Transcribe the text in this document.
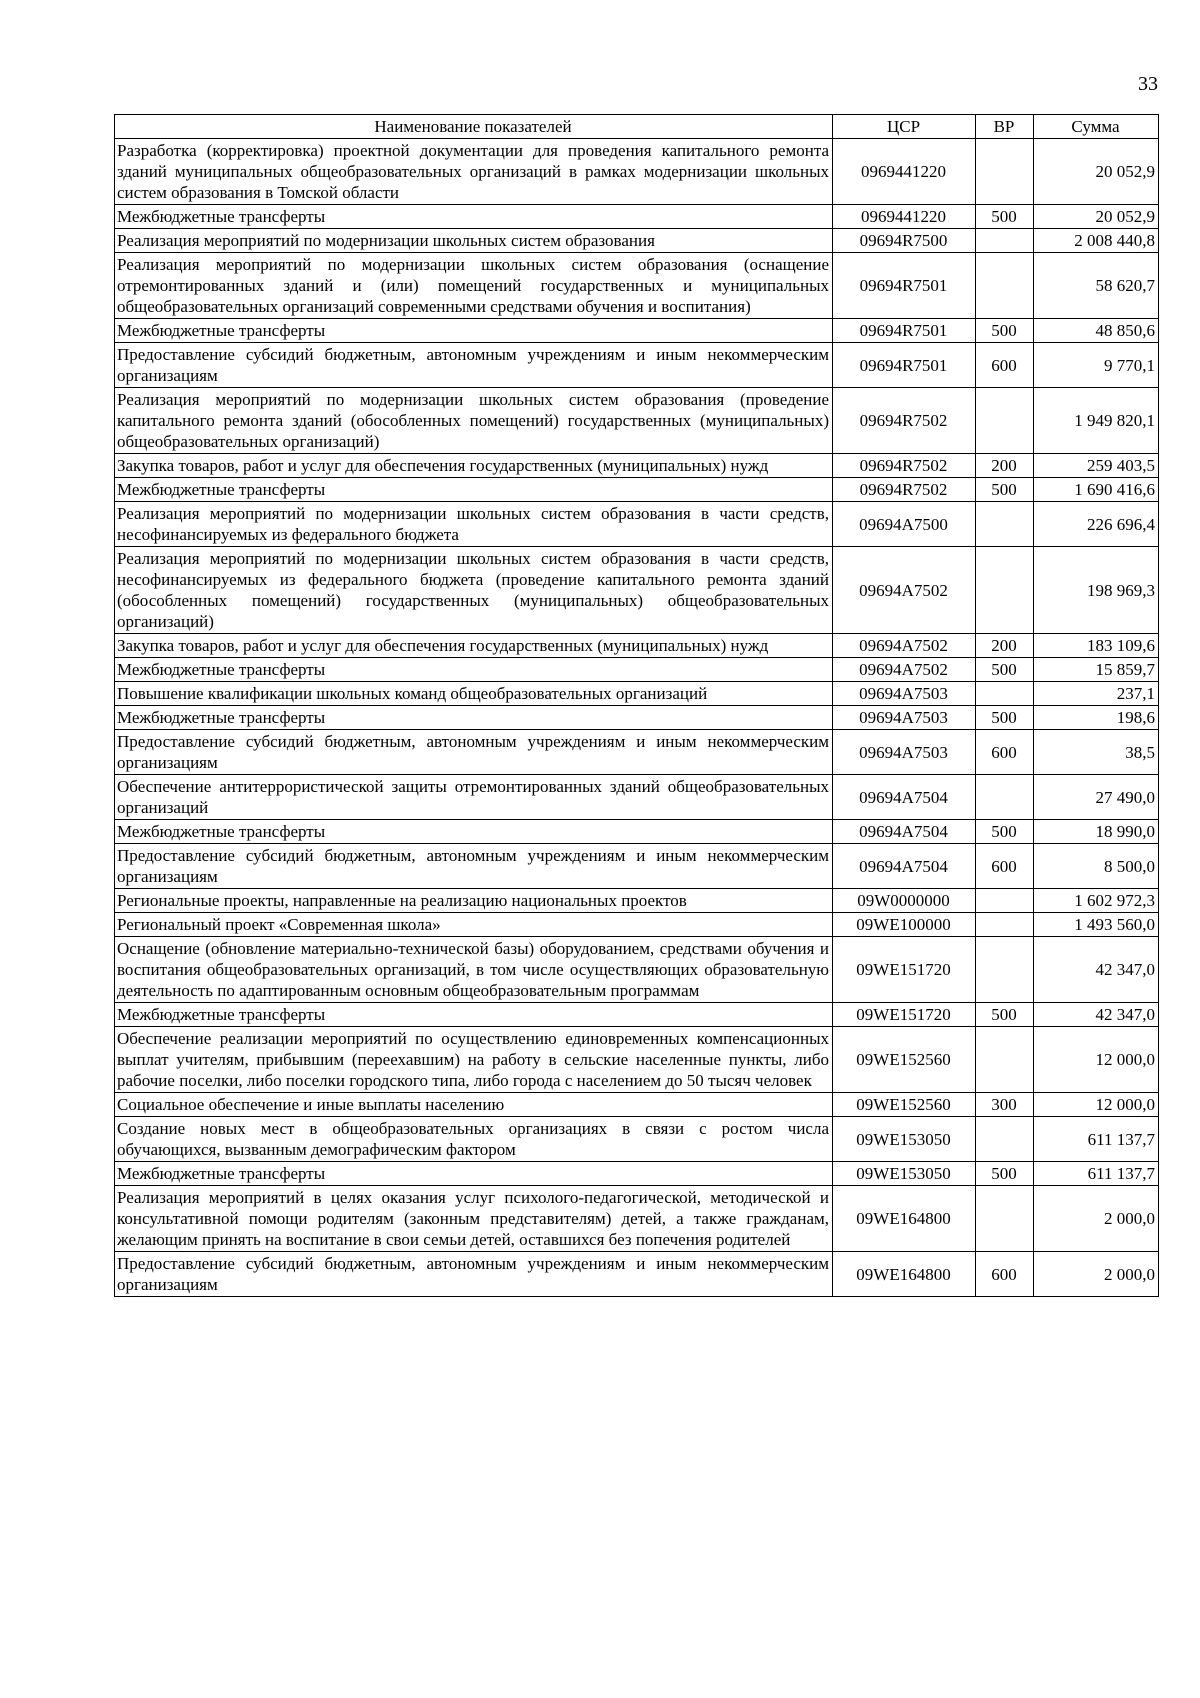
33
Наименование показателей	ЦСР	ВР	Сумма
Разработка (корректировка) проектной документации для проведения капитального ремонта зданий муниципальных общеобразовательных организаций в рамках модернизации школьных систем образования в Томской области	0969441220		20 052,9
Межбюджетные трансферты	0969441220	500	20 052,9
Реализация мероприятий по модернизации школьных систем образования	09694R7500		2 008 440,8
Реализация мероприятий по модернизации школьных систем образования (оснащение отремонтированных зданий и (или) помещений государственных и муниципальных общеобразовательных организаций современными средствами обучения и воспитания)	09694R7501		58 620,7
Межбюджетные трансферты	09694R7501	500	48 850,6
Предоставление субсидий бюджетным, автономным учреждениям и иным некоммерческим организациям	09694R7501	600	9 770,1
Реализация мероприятий по модернизации школьных систем образования (проведение капитального ремонта зданий (обособленных помещений) государственных (муниципальных) общеобразовательных организаций)	09694R7502		1 949 820,1
Закупка товаров, работ и услуг для обеспечения государственных (муниципальных) нужд	09694R7502	200	259 403,5
Межбюджетные трансферты	09694R7502	500	1 690 416,6
Реализация мероприятий по модернизации школьных систем образования в части средств, несофинансируемых из федерального бюджета	09694A7500		226 696,4
Реализация мероприятий по модернизации школьных систем образования в части средств, несофинансируемых из федерального бюджета (проведение капитального ремонта зданий (обособленных помещений) государственных (муниципальных) общеобразовательных организаций)	09694A7502		198 969,3
Закупка товаров, работ и услуг для обеспечения государственных (муниципальных) нужд	09694A7502	200	183 109,6
Межбюджетные трансферты	09694A7502	500	15 859,7
Повышение квалификации школьных команд общеобразовательных организаций	09694A7503		237,1
Межбюджетные трансферты	09694A7503	500	198,6
Предоставление субсидий бюджетным, автономным учреждениям и иным некоммерческим организациям	09694A7503	600	38,5
Обеспечение антитеррористической защиты отремонтированных зданий общеобразовательных организаций	09694A7504		27 490,0
Межбюджетные трансферты	09694A7504	500	18 990,0
Предоставление субсидий бюджетным, автономным учреждениям и иным некоммерческим организациям	09694A7504	600	8 500,0
Региональные проекты, направленные на реализацию национальных проектов	09W0000000		1 602 972,3
Региональный проект «Современная школа»	09WE100000		1 493 560,0
Оснащение (обновление материально-технической базы) оборудованием, средствами обучения и воспитания общеобразовательных организаций, в том числе осуществляющих образовательную деятельность по адаптированным основным общеобразовательным программам	09WE151720		42 347,0
Межбюджетные трансферты	09WE151720	500	42 347,0
Обеспечение реализации мероприятий по осуществлению единовременных компенсационных выплат учителям, прибывшим (переехавшим) на работу в сельские населенные пункты, либо рабочие поселки, либо поселки городского типа, либо города с населением до 50 тысяч человек	09WE152560		12 000,0
Социальное обеспечение и иные выплаты населению	09WE152560	300	12 000,0
Создание новых мест в общеобразовательных организациях в связи с ростом числа обучающихся, вызванным демографическим фактором	09WE153050		611 137,7
Межбюджетные трансферты	09WE153050	500	611 137,7
Реализация мероприятий в целях оказания услуг психолого-педагогической, методической и консультативной помощи родителям (законным представителям) детей, а также гражданам, желающим принять на воспитание в свои семьи детей, оставшихся без попечения родителей	09WE164800		2 000,0
Предоставление субсидий бюджетным, автономным учреждениям и иным некоммерческим организациям	09WE164800	600	2 000,0
